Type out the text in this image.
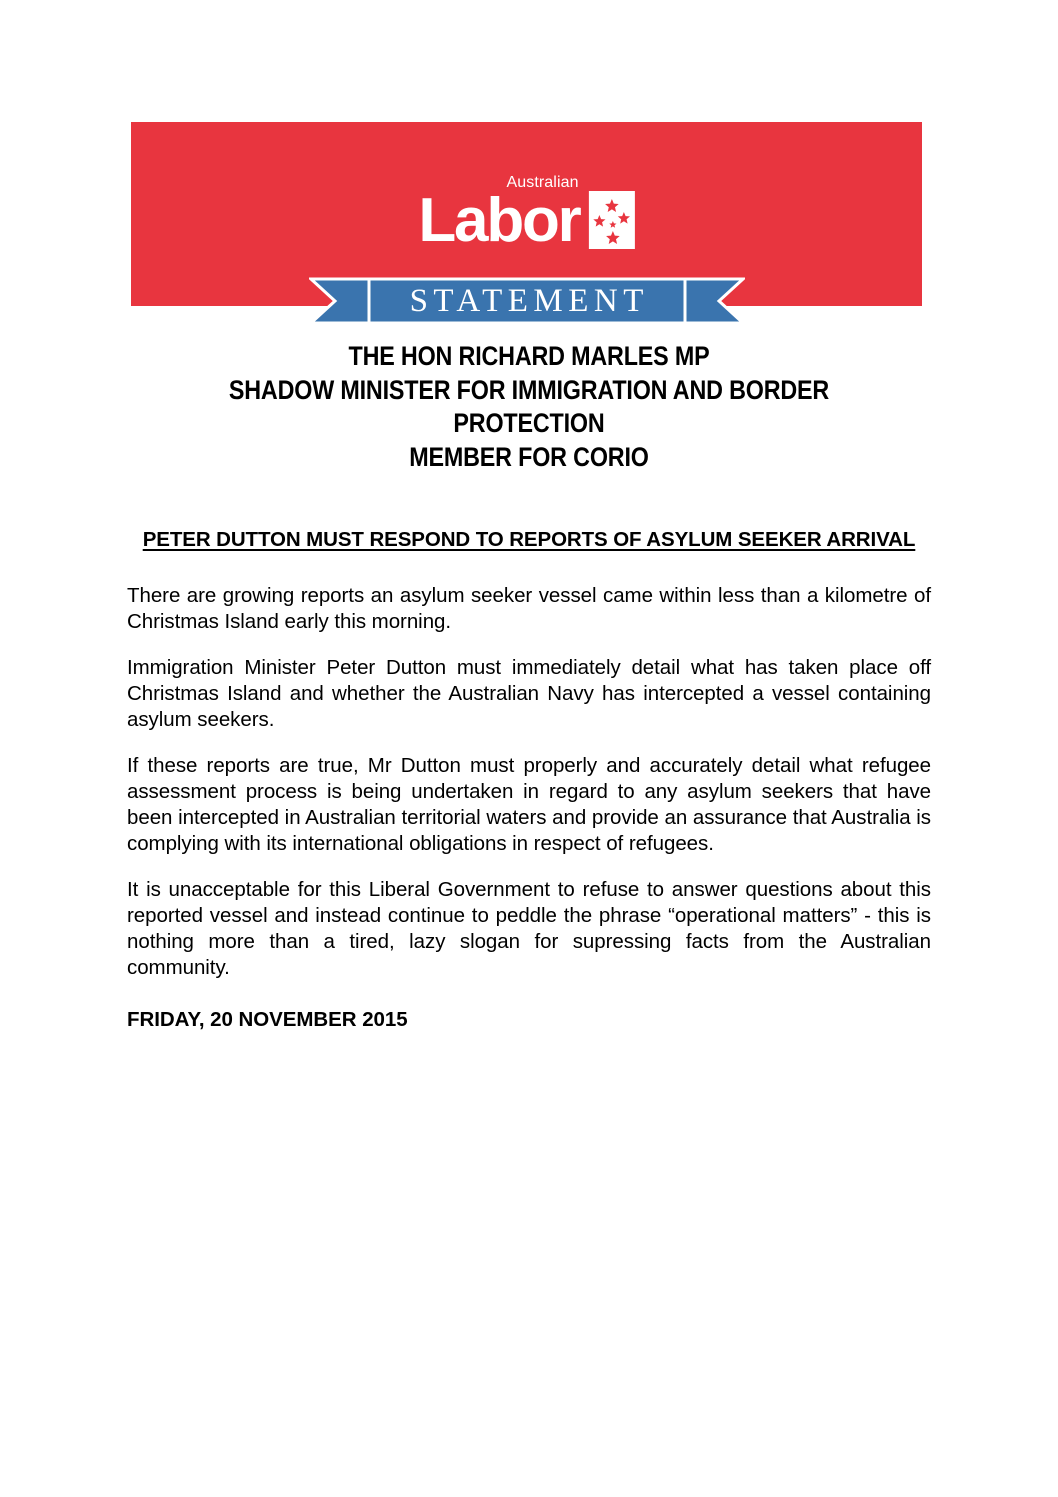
Australian
Labor
STATEMENT
THE HON RICHARD MARLES MP
SHADOW MINISTER FOR IMMIGRATION AND BORDER
PROTECTION
MEMBER FOR CORIO
PETER DUTTON MUST RESPOND TO REPORTS OF ASYLUM SEEKER ARRIVAL

There are growing reports an asylum seeker vessel came within less than a kilometre of Christmas Island early this morning.

Immigration Minister Peter Dutton must immediately detail what has taken place off Christmas Island and whether the Australian Navy has intercepted a vessel containing asylum seekers.

If these reports are true, Mr Dutton must properly and accurately detail what refugee assessment process is being undertaken in regard to any asylum seekers that have been intercepted in Australian territorial waters and provide an assurance that Australia is complying with its international obligations in respect of refugees.

It is unacceptable for this Liberal Government to refuse to answer questions about this reported vessel and instead continue to peddle the phrase “operational matters” - this is nothing more than a tired, lazy slogan for supressing facts from the Australian community.

FRIDAY, 20 NOVEMBER 2015
